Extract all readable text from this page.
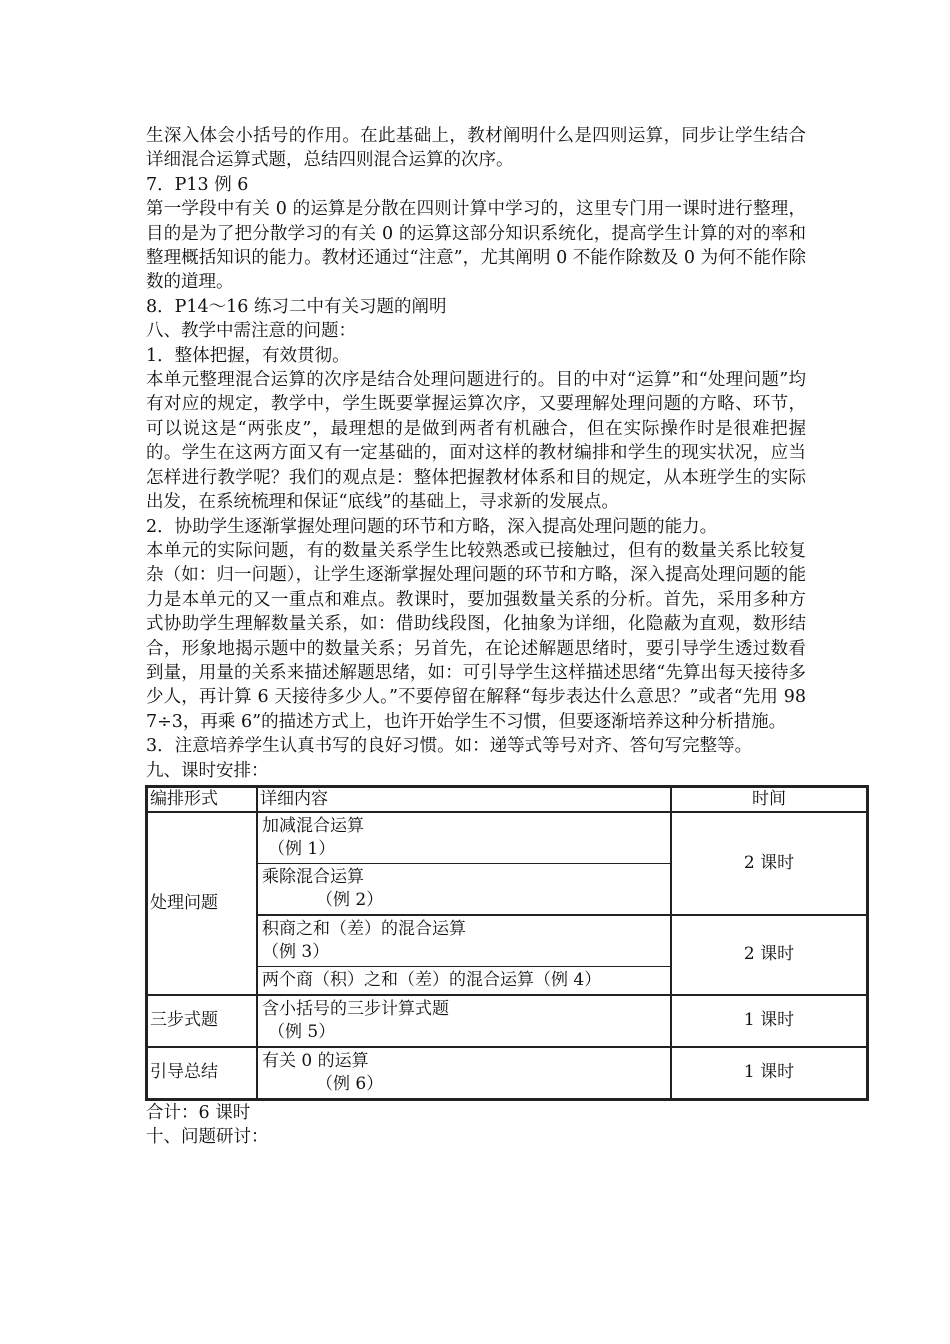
生深入体会小括号的作用。在此基础上，教材阐明什么是四则运算，同步让学生结合详细混合运算式题，总结四则混合运算的次序。

7．P13 例 6

第一学段中有关 0 的运算是分散在四则计算中学习的，这里专门用一课时进行整理，目的是为了把分散学习的有关 0 的运算这部分知识系统化，提高学生计算的对的率和整理概括知识的能力。教材还通过“注意”，尤其阐明 0 不能作除数及 0 为何不能作除数的道理。

8．P14～16 练习二中有关习题的阐明

八、教学中需注意的问题：

1．整体把握，有效贯彻。

本单元整理混合运算的次序是结合处理问题进行的。目的中对“运算”和“处理问题”均有对应的规定，教学中，学生既要掌握运算次序，又要理解处理问题的方略、环节，可以说这是“两张皮”，最理想的是做到两者有机融合，但在实际操作时是很难把握的。学生在这两方面又有一定基础的，面对这样的教材编排和学生的现实状况，应当怎样进行教学呢？我们的观点是：整体把握教材体系和目的规定，从本班学生的实际出发，在系统梳理和保证“底线”的基础上，寻求新的发展点。

2．协助学生逐渐掌握处理问题的环节和方略，深入提高处理问题的能力。

本单元的实际问题，有的数量关系学生比较熟悉或已接触过，但有的数量关系比较复杂（如：归一问题），让学生逐渐掌握处理问题的环节和方略，深入提高处理问题的能力是本单元的又一重点和难点。教课时，要加强数量关系的分析。首先，采用多种方式协助学生理解数量关系，如：借助线段图，化抽象为详细，化隐蔽为直观，数形结合，形象地揭示题中的数量关系；另首先，在论述解题思绪时，要引导学生透过数看到量，用量的关系来描述解题思绪，如：可引导学生这样描述思绪“先算出每天接待多少人，再计算 6 天接待多少人。”不要停留在解释“每步表达什么意思？”或者“先用 987÷3，再乘 6”的描述方式上，也许开始学生不习惯，但要逐渐培养这种分析措施。

3．注意培养学生认真书写的良好习惯。如：递等式等号对齐、答句写完整等。

九、课时安排：

编排形式	详细内容	时间
处理问题	加减混合运算
（例 1）
乘除混合运算
（例 2）	2 课时

	积商之和（差）的混合运算
（例 3）
两个商（积）之和（差）的混合运算（例 4）	2 课时
三步式题	含小括号的三步计算式题
（例 5）	1 课时
引导总结	有关 0 的运算
（例 6）	1 课时

合计：6 课时

十、问题研讨：
